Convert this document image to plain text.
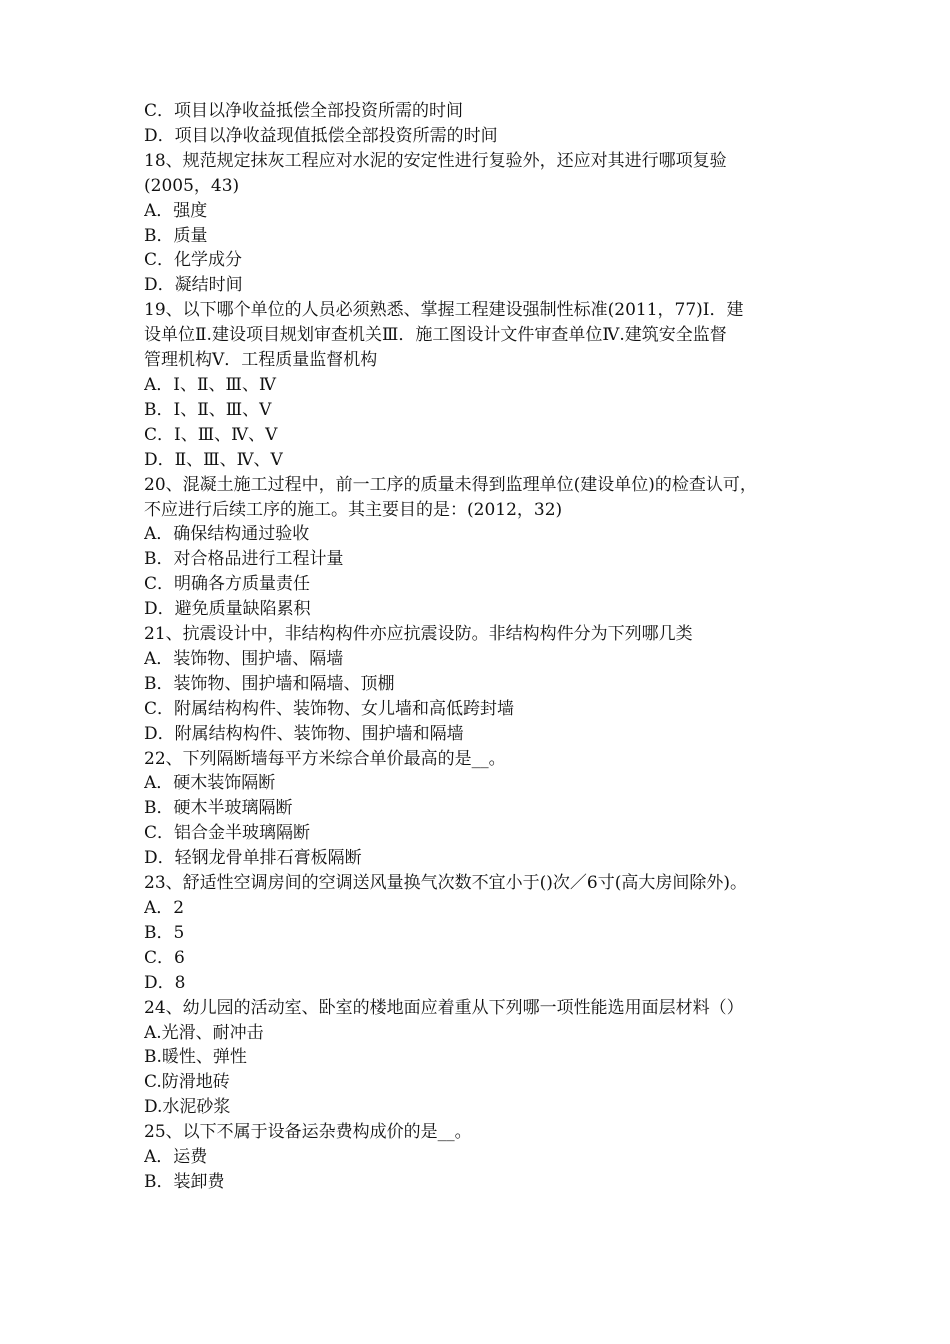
C．项目以净收益抵偿全部投资所需的时间
D．项目以净收益现值抵偿全部投资所需的时间
18、规范规定抹灰工程应对水泥的安定性进行复验外，还应对其进行哪项复验
(2005，43)
A．强度
B．质量
C．化学成分
D．凝结时间
19、以下哪个单位的人员必须熟悉、掌握工程建设强制性标准(2011，77)Ⅰ．建
设单位Ⅱ.建设项目规划审查机关Ⅲ．施工图设计文件审查单位Ⅳ.建筑安全监督
管理机构Ⅴ．工程质量监督机构
A．Ⅰ、Ⅱ、Ⅲ、Ⅳ
B．Ⅰ、Ⅱ、Ⅲ、Ⅴ
C．Ⅰ、Ⅲ、Ⅳ、Ⅴ
D．Ⅱ、Ⅲ、Ⅳ、Ⅴ
20、混凝土施工过程中，前一工序的质量未得到监理单位(建设单位)的检查认可，
不应进行后续工序的施工。其主要目的是：(2012，32)
A．确保结构通过验收
B．对合格品进行工程计量
C．明确各方质量责任
D．避免质量缺陷累积
21、抗震设计中，非结构构件亦应抗震设防。非结构构件分为下列哪几类
A．装饰物、围护墙、隔墙
B．装饰物、围护墙和隔墙、顶棚
C．附属结构构件、装饰物、女儿墙和高低跨封墙
D．附属结构构件、装饰物、围护墙和隔墙
22、下列隔断墙每平方米综合单价最高的是__。
A．硬木装饰隔断
B．硬木半玻璃隔断
C．铝合金半玻璃隔断
D．轻钢龙骨单排石膏板隔断
23、舒适性空调房间的空调送风量换气次数不宜小于()次／6寸(高大房间除外)。
A．2
B．5
C．6
D．8
24、幼儿园的活动室、卧室的楼地面应着重从下列哪一项性能选用面层材料（）
A.光滑、耐冲击
B.暖性、弹性
C.防滑地砖
D.水泥砂浆
25、以下不属于设备运杂费构成价的是__。
A．运费
B．装卸费
